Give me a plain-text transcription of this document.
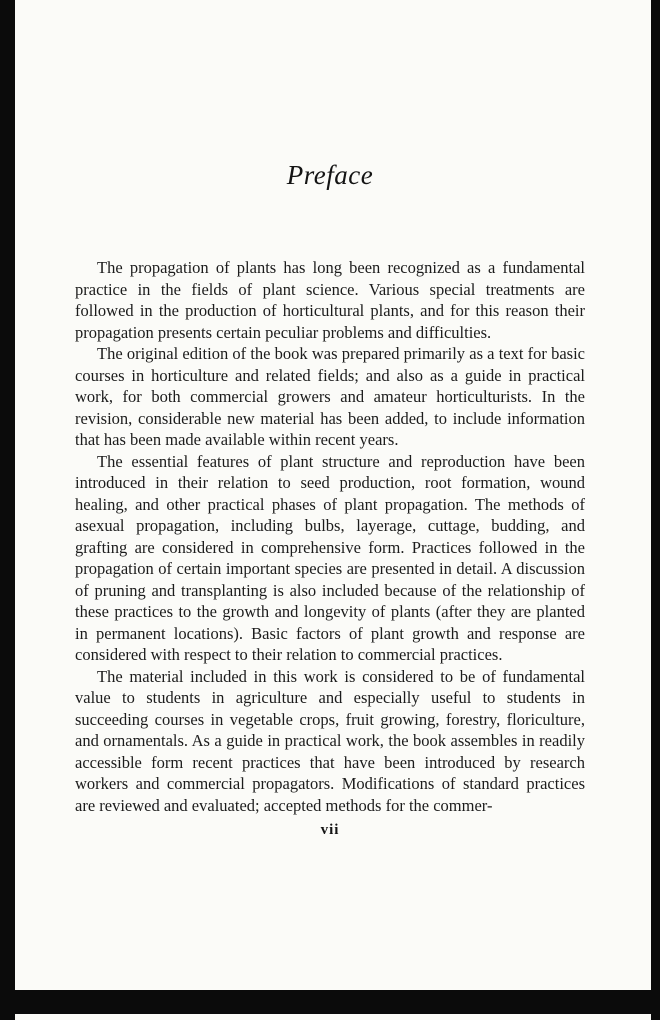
Preface

The propagation of plants has long been recognized as a fundamental practice in the fields of plant science. Various special treatments are followed in the production of horticultural plants, and for this reason their propagation presents certain peculiar problems and difficulties.

The original edition of the book was prepared primarily as a text for basic courses in horticulture and related fields; and also as a guide in practical work, for both commercial growers and amateur horticulturists. In the revision, considerable new material has been added, to include information that has been made available within recent years.

The essential features of plant structure and reproduction have been introduced in their relation to seed production, root formation, wound healing, and other practical phases of plant propagation. The methods of asexual propagation, including bulbs, layerage, cuttage, budding, and grafting are considered in comprehensive form. Practices followed in the propagation of certain important species are presented in detail. A discussion of pruning and transplanting is also included because of the relationship of these practices to the growth and longevity of plants (after they are planted in permanent locations). Basic factors of plant growth and response are considered with respect to their relation to commercial practices.

The material included in this work is considered to be of fundamental value to students in agriculture and especially useful to students in succeeding courses in vegetable crops, fruit growing, forestry, floriculture, and ornamentals. As a guide in practical work, the book assembles in readily accessible form recent practices that have been introduced by research workers and commercial propagators. Modifications of standard practices are reviewed and evaluated; accepted methods for the commer-

vii
